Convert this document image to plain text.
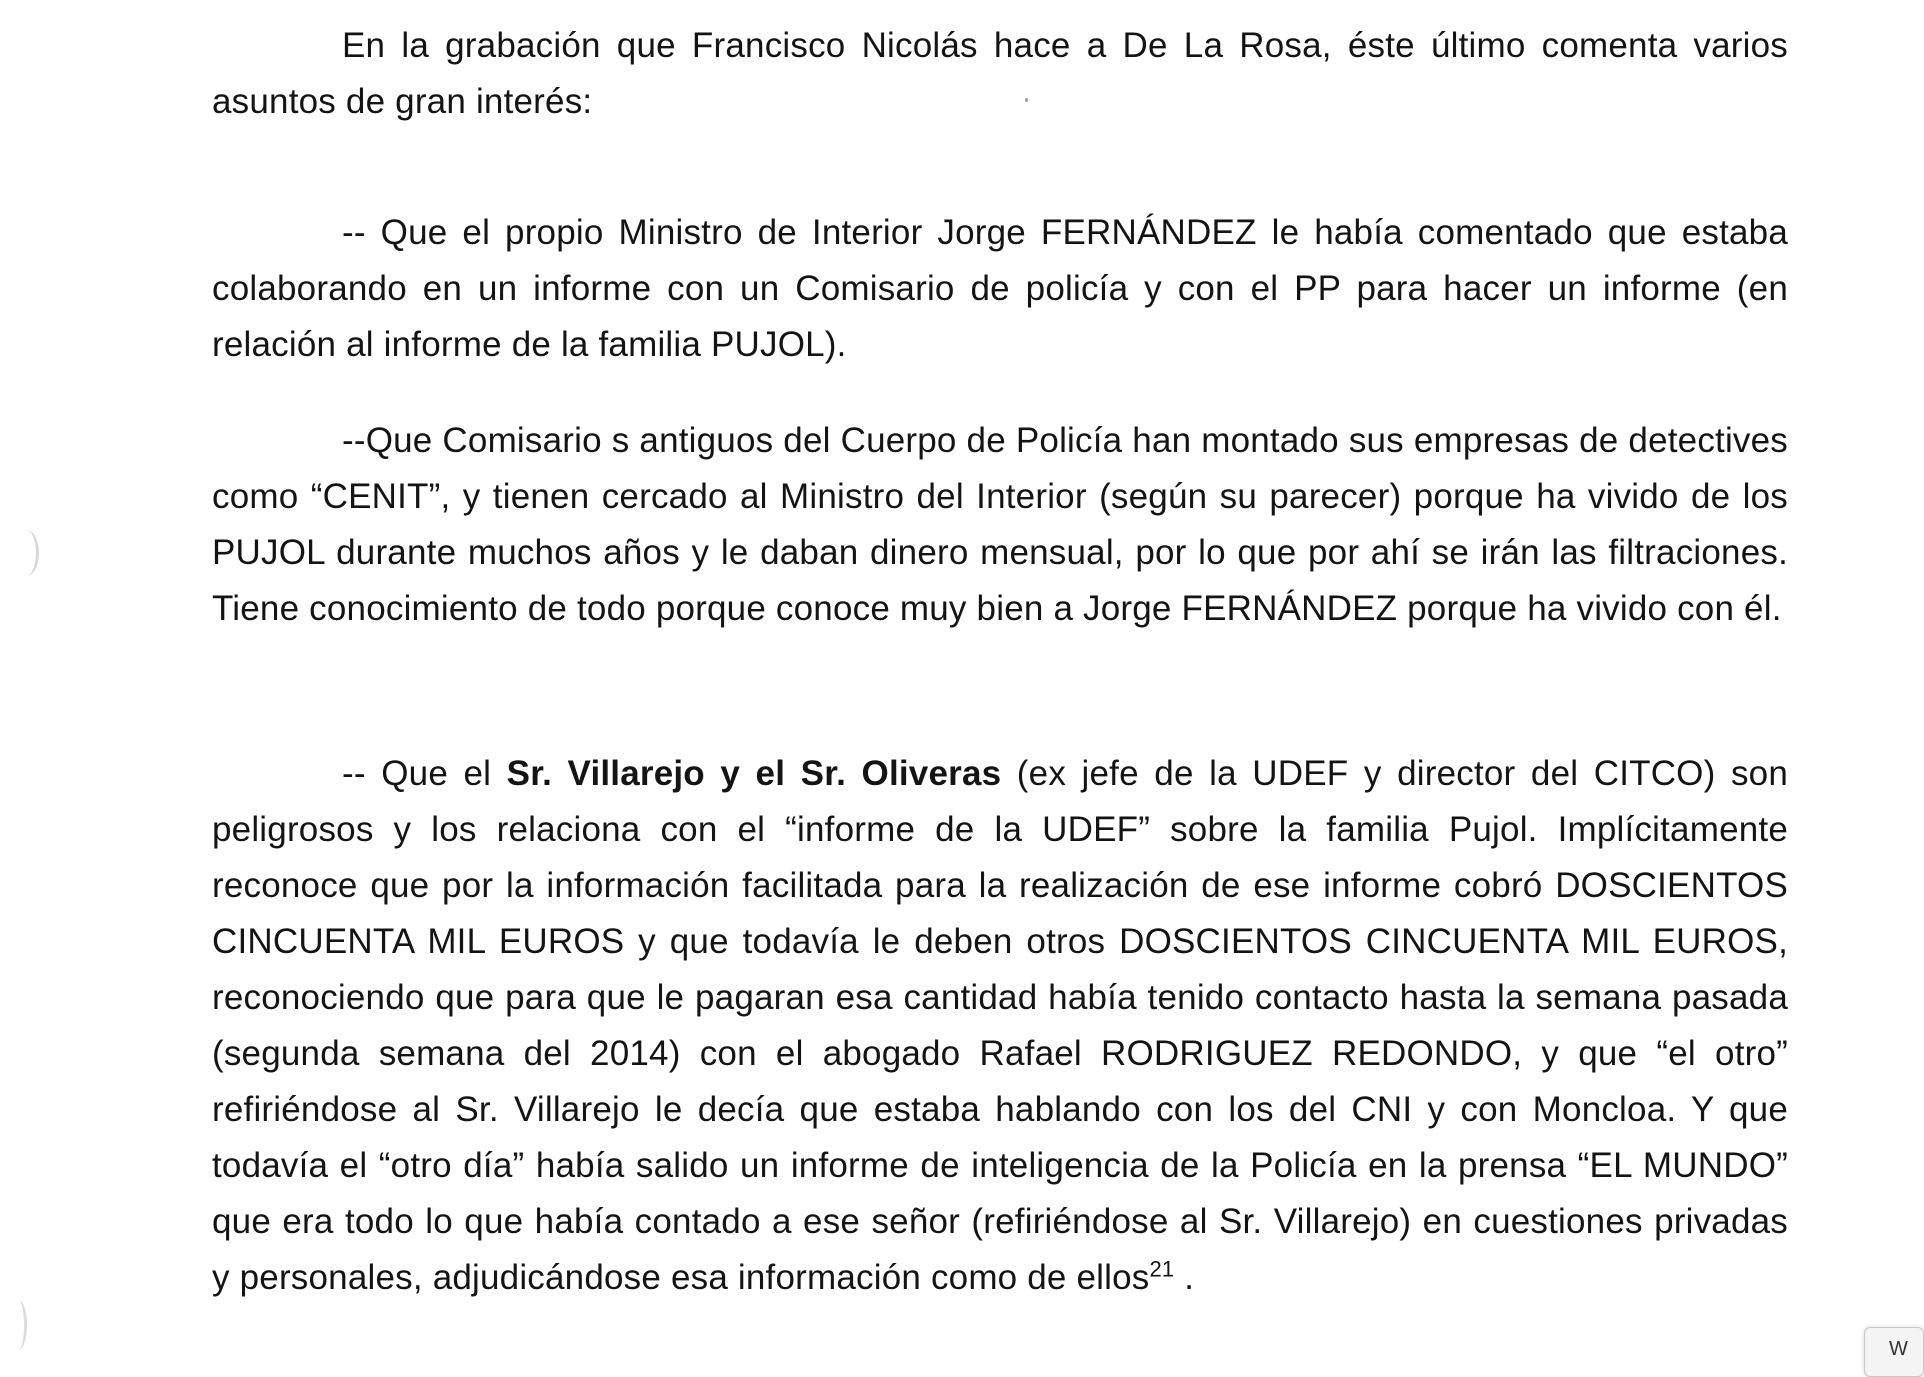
En la grabación que Francisco Nicolás hace a De La Rosa, éste último comenta varios asuntos de gran interés:

-- Que el propio Ministro de Interior Jorge FERNÁNDEZ le había comentado que estaba colaborando en un informe con un Comisario de policía y con el PP para hacer un informe (en relación al informe de la familia PUJOL).

--Que Comisario s antiguos del Cuerpo de Policía han montado sus empresas de detectives como “CENIT”, y tienen cercado al Ministro del Interior (según su parecer) porque ha vivido de los PUJOL durante muchos años y le daban dinero mensual, por lo que por ahí se irán las filtraciones. Tiene conocimiento de todo porque conoce muy bien a Jorge FERNÁNDEZ porque ha vivido con él.

-- Que el Sr. Villarejo y el Sr. Oliveras (ex jefe de la UDEF y director del CITCO) son peligrosos y los relaciona con el “informe de la UDEF” sobre la familia Pujol. Implícitamente reconoce que por la información facilitada para la realización de ese informe cobró DOSCIENTOS CINCUENTA MIL EUROS y que todavía le deben otros DOSCIENTOS CINCUENTA MIL EUROS, reconociendo que para que le pagaran esa cantidad había tenido contacto hasta la semana pasada (segunda semana del 2014) con el abogado Rafael RODRIGUEZ REDONDO, y que “el otro” refiriéndose al Sr. Villarejo le decía que estaba hablando con los del CNI y con Moncloa. Y que todavía el “otro día” había salido un informe de inteligencia de la Policía en la prensa “EL MUNDO” que era todo lo que había contado a ese señor (refiriéndose al Sr. Villarejo) en cuestiones privadas y personales, adjudicándose esa información como de ellos$^{21}$ .

W
